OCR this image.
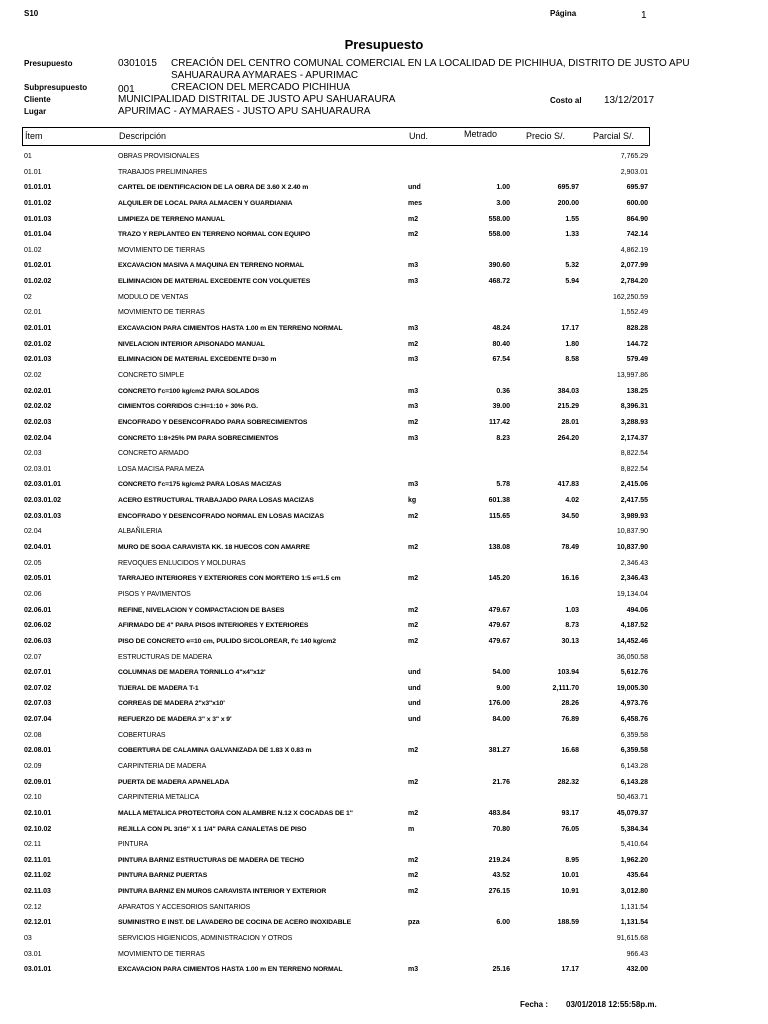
S10	Página	1
Presupuesto
Presupuesto	0301015 CREACIÓN DEL CENTRO COMUNAL COMERCIAL EN LA LOCALIDAD DE PICHIHUA, DISTRITO DE JUSTO APU
SAHUARAURA AYMARAES - APURIMAC
Subpresupuesto	001	CREACION DEL MERCADO PICHIHUA
Cliente	MUNICIPALIDAD DISTRITAL DE JUSTO APU SAHUARAURA	Costo al 13/12/2017
Lugar	APURIMAC - AYMARAES - JUSTO APU SAHUARAURA
Ítem	Descripción	Und.	Metrado	Precio S/.	Parcial S/.
01	OBRAS PROVISIONALES	7,765.29
01.01	TRABAJOS PRELIMINARES	2,903.01
01.01.01	CARTEL DE IDENTIFICACION DE LA OBRA DE 3.60 X 2.40 m	und	1.00	695.97	695.97
01.01.02	ALQUILER DE LOCAL PARA ALMACEN Y GUARDIANIA	mes	3.00	200.00	600.00
01.01.03	LIMPIEZA DE TERRENO MANUAL	m2	558.00	1.55	864.90
01.01.04	TRAZO Y REPLANTEO EN TERRENO NORMAL CON EQUIPO	m2	558.00	1.33	742.14
01.02	MOVIMIENTO DE TIERRAS	4,862.19
01.02.01	EXCAVACION MASIVA A MAQUINA EN TERRENO NORMAL	m3	390.60	5.32	2,077.99
01.02.02	ELIMINACION DE MATERIAL EXCEDENTE CON VOLQUETES	m3	468.72	5.94	2,784.20
02	MODULO DE VENTAS	162,250.59
02.01	MOVIMIENTO DE TIERRAS	1,552.49
02.01.01	EXCAVACION PARA CIMIENTOS HASTA 1.00 m EN TERRENO NORMAL	m3	48.24	17.17	828.28
02.01.02	NIVELACION INTERIOR APISONADO MANUAL	m2	80.40	1.80	144.72
02.01.03	ELIMINACION DE MATERIAL EXCEDENTE D=30 m	m3	67.54	8.58	579.49
02.02	CONCRETO SIMPLE	13,997.86
02.02.01	CONCRETO f'c=100 kg/cm2 PARA SOLADOS	m3	0.36	384.03	138.25
02.02.02	CIMIENTOS CORRIDOS C:H=1:10 + 30% P.G.	m3	39.00	215.29	8,396.31
02.02.03	ENCOFRADO Y DESENCOFRADO PARA SOBRECIMIENTOS	m2	117.42	28.01	3,288.93
02.02.04	CONCRETO 1:8+25% PM PARA SOBRECIMIENTOS	m3	8.23	264.20	2,174.37
02.03	CONCRETO ARMADO	8,822.54
02.03.01	LOSA MACISA PARA MEZA	8,822.54
02.03.01.01	CONCRETO f'c=175 kg/cm2 PARA LOSAS MACIZAS	m3	5.78	417.83	2,415.06
02.03.01.02	ACERO ESTRUCTURAL TRABAJADO PARA LOSAS MACIZAS	kg	601.38	4.02	2,417.55
02.03.01.03	ENCOFRADO Y DESENCOFRADO NORMAL EN LOSAS MACIZAS	m2	115.65	34.50	3,989.93
02.04	ALBAÑILERIA	10,837.90
02.04.01	MURO DE SOGA CARAVISTA KK. 18 HUECOS CON AMARRE	m2	138.08	78.49	10,837.90
02.05	REVOQUES ENLUCIDOS Y MOLDURAS	2,346.43
02.05.01	TARRAJEO INTERIORES Y EXTERIORES CON MORTERO 1:5 e=1.5 cm	m2	145.20	16.16	2,346.43
02.06	PISOS Y PAVIMENTOS	19,134.04
02.06.01	REFINE, NIVELACION Y COMPACTACION DE BASES	m2	479.67	1.03	494.06
02.06.02	AFIRMADO DE 4" PARA PISOS INTERIORES Y EXTERIORES	m2	479.67	8.73	4,187.52
02.06.03	PISO DE CONCRETO e=10 cm, PULIDO S/COLOREAR, f'c 140 kg/cm2	m2	479.67	30.13	14,452.46
02.07	ESTRUCTURAS DE MADERA	36,050.58
02.07.01	COLUMNAS DE MADERA TORNILLO 4"x4"x12'	und	54.00	103.94	5,612.76
02.07.02	TIJERAL DE MADERA T-1	und	9.00	2,111.70	19,005.30
02.07.03	CORREAS DE MADERA 2"x3"x10'	und	176.00	28.26	4,973.76
02.07.04	REFUERZO DE MADERA 3" x 3" x 9'	und	84.00	76.89	6,458.76
02.08	COBERTURAS	6,359.58
02.08.01	COBERTURA DE CALAMINA GALVANIZADA DE 1.83 X 0.83 m	m2	381.27	16.68	6,359.58
02.09	CARPINTERIA DE MADERA	6,143.28
02.09.01	PUERTA DE MADERA APANELADA	m2	21.76	282.32	6,143.28
02.10	CARPINTERIA METALICA	50,463.71
02.10.01	MALLA METALICA PROTECTORA CON ALAMBRE N.12 X COCADAS DE 1"	m2	483.84	93.17	45,079.37
02.10.02	REJILLA CON PL 3/16" X 1 1/4" PARA CANALETAS DE PISO	m	70.80	76.05	5,384.34
02.11	PINTURA	5,410.64
02.11.01	PINTURA BARNIZ ESTRUCTURAS DE MADERA DE TECHO	m2	219.24	8.95	1,962.20
02.11.02	PINTURA BARNIZ PUERTAS	m2	43.52	10.01	435.64
02.11.03	PINTURA BARNIZ EN MUROS CARAVISTA INTERIOR Y EXTERIOR	m2	276.15	10.91	3,012.80
02.12	APARATOS Y ACCESORIOS SANITARIOS	1,131.54
02.12.01	SUMINISTRO E INST. DE LAVADERO DE COCINA DE ACERO INOXIDABLE	pza	6.00	188.59	1,131.54
03	SERVICIOS HIGIENICOS, ADMINISTRACION Y OTROS	91,615.68
03.01	MOVIMIENTO DE TIERRAS	966.43
03.01.01	EXCAVACION PARA CIMIENTOS HASTA 1.00 m EN TERRENO NORMAL	m3	25.16	17.17	432.00
Fecha : 03/01/2018 12:55:58p.m.
